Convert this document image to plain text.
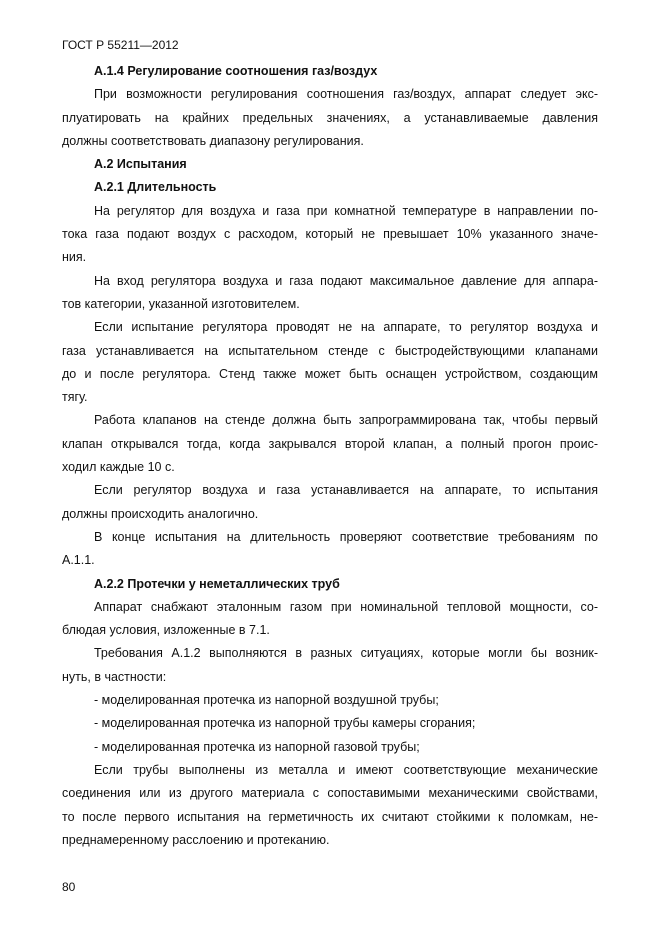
ГОСТ Р 55211—2012
А.1.4 Регулирование соотношения газ/воздух
При возможности регулирования соотношения газ/воздух, аппарат следует экс-
плуатировать на крайних предельных значениях, а устанавливаемые давления
должны соответствовать диапазону регулирования.
А.2 Испытания
А.2.1 Длительность
На регулятор для воздуха и газа при комнатной температуре в направлении по-
тока газа подают воздух с расходом, который не превышает 10% указанного значе-
ния.
На вход регулятора воздуха и газа подают максимальное давление для аппара-
тов категории, указанной изготовителем.
Если испытание регулятора проводят не на аппарате, то регулятор воздуха и
газа устанавливается на испытательном стенде с быстродействующими клапанами
до и после регулятора. Стенд также может быть оснащен устройством, создающим
тягу.
Работа клапанов на стенде должна быть запрограммирована так, чтобы первый
клапан открывался тогда, когда закрывался второй клапан, а полный прогон проис-
ходил каждые 10 с.
Если регулятор воздуха и газа устанавливается на аппарате, то испытания
должны происходить аналогично.
В конце испытания на длительность проверяют соответствие требованиям по
А.1.1.
А.2.2 Протечки у неметаллических труб
Аппарат снабжают эталонным газом при номинальной тепловой мощности, со-
блюдая условия, изложенные в 7.1.
Требования А.1.2 выполняются в разных ситуациях, которые могли бы возник-
нуть, в частности:
- моделированная протечка из напорной воздушной трубы;
- моделированная протечка из напорной трубы камеры сгорания;
- моделированная протечка из напорной газовой трубы;
Если трубы выполнены из металла и имеют соответствующие механические
соединения или из другого материала с сопоставимыми механическими свойствами,
то после первого испытания на герметичность их считают стойкими к поломкам, не-
преднамеренному расслоению и протеканию.
80
